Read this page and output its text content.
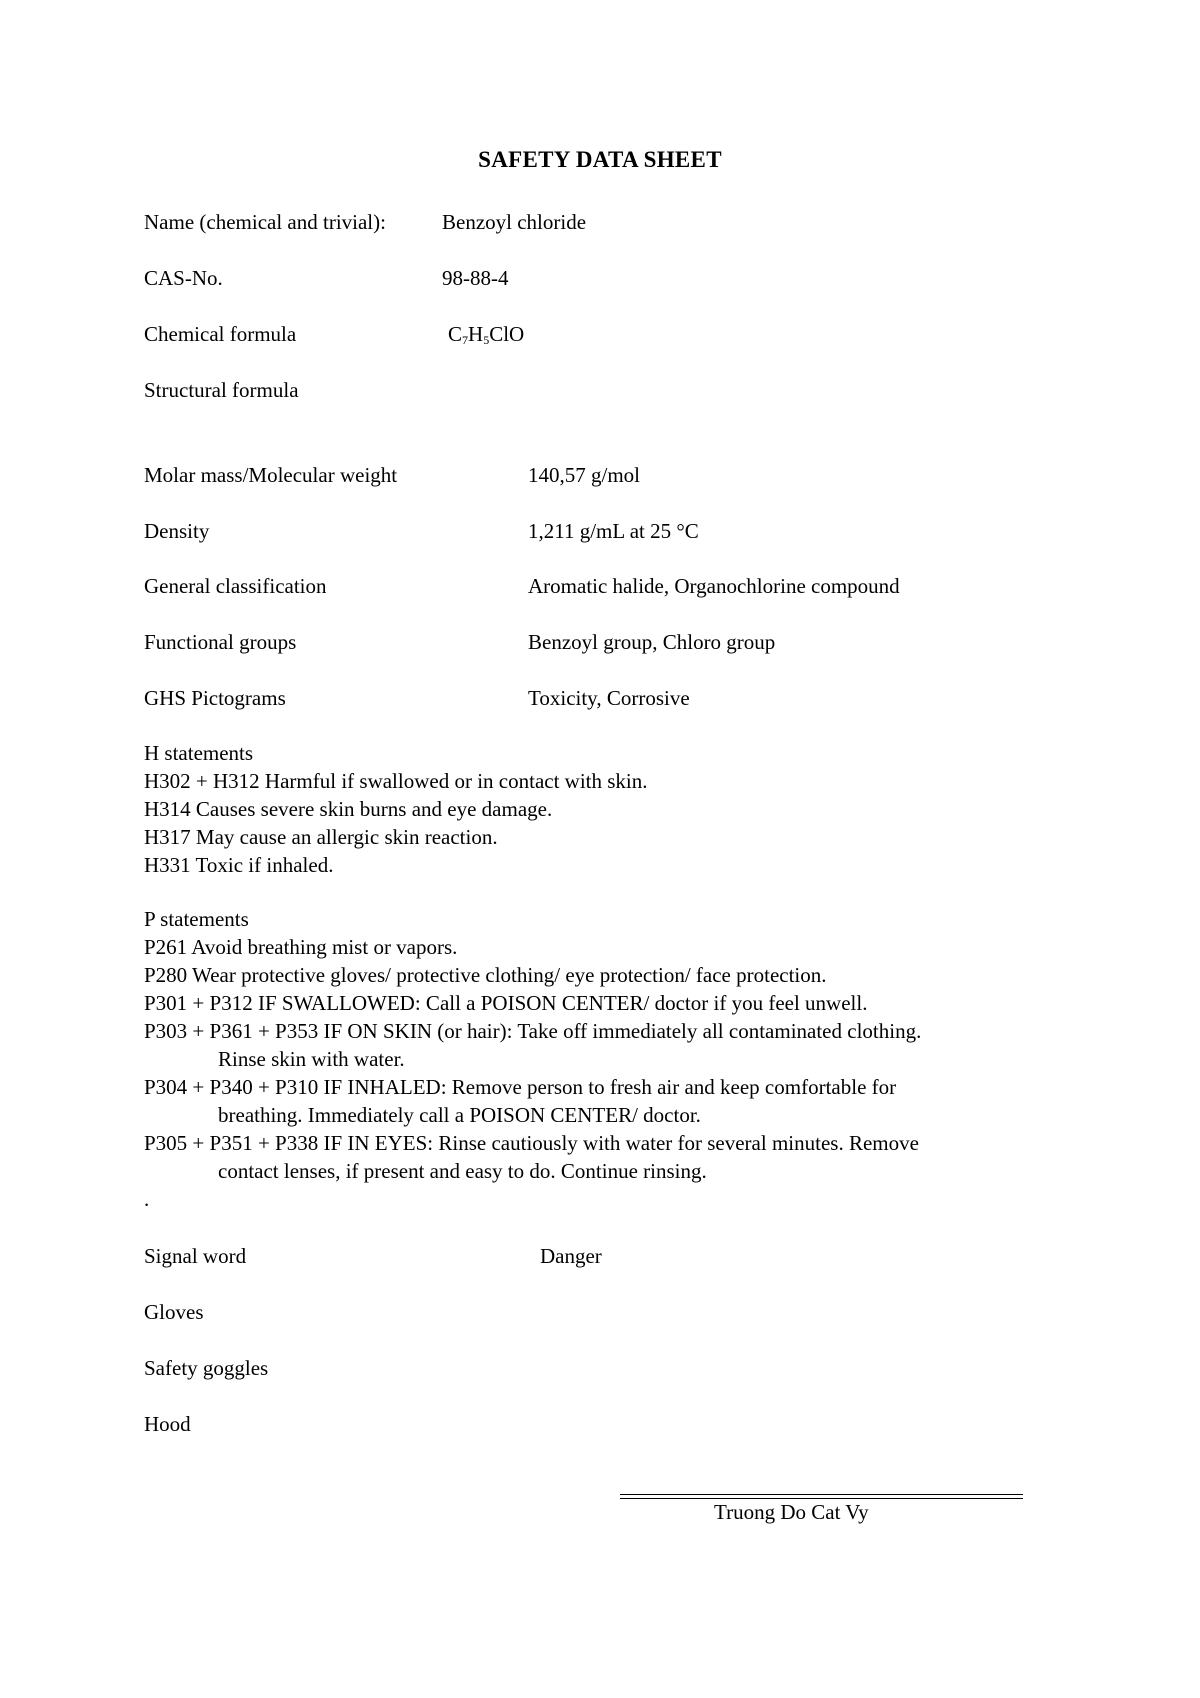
SAFETY DATA SHEET
Name (chemical and trivial):	Benzoyl chloride
CAS-No.	98-88-4
Chemical formula	$C_7H_5ClO$
Structural formula
Molar mass/Molecular weight	140,57 g/mol
Density	1,211 g/mL at 25 °C
General classification	Aromatic halide, Organochlorine compound
Functional groups	Benzoyl group, Chloro group
GHS Pictograms	Toxicity, Corrosive
H statements
H302 + H312 Harmful if swallowed or in contact with skin.
H314 Causes severe skin burns and eye damage.
H317 May cause an allergic skin reaction.
H331 Toxic if inhaled.
P statements
P261 Avoid breathing mist or vapors.
P280 Wear protective gloves/ protective clothing/ eye protection/ face protection.
P301 + P312 IF SWALLOWED: Call a POISON CENTER/ doctor if you feel unwell.
P303 + P361 + P353 IF ON SKIN (or hair): Take off immediately all contaminated clothing.
Rinse skin with water.
P304 + P340 + P310 IF INHALED: Remove person to fresh air and keep comfortable for
breathing. Immediately call a POISON CENTER/ doctor.
P305 + P351 + P338 IF IN EYES: Rinse cautiously with water for several minutes. Remove
contact lenses, if present and easy to do. Continue rinsing.
.
Signal word	Danger
Gloves
Safety goggles
Hood
Truong Do Cat Vy
